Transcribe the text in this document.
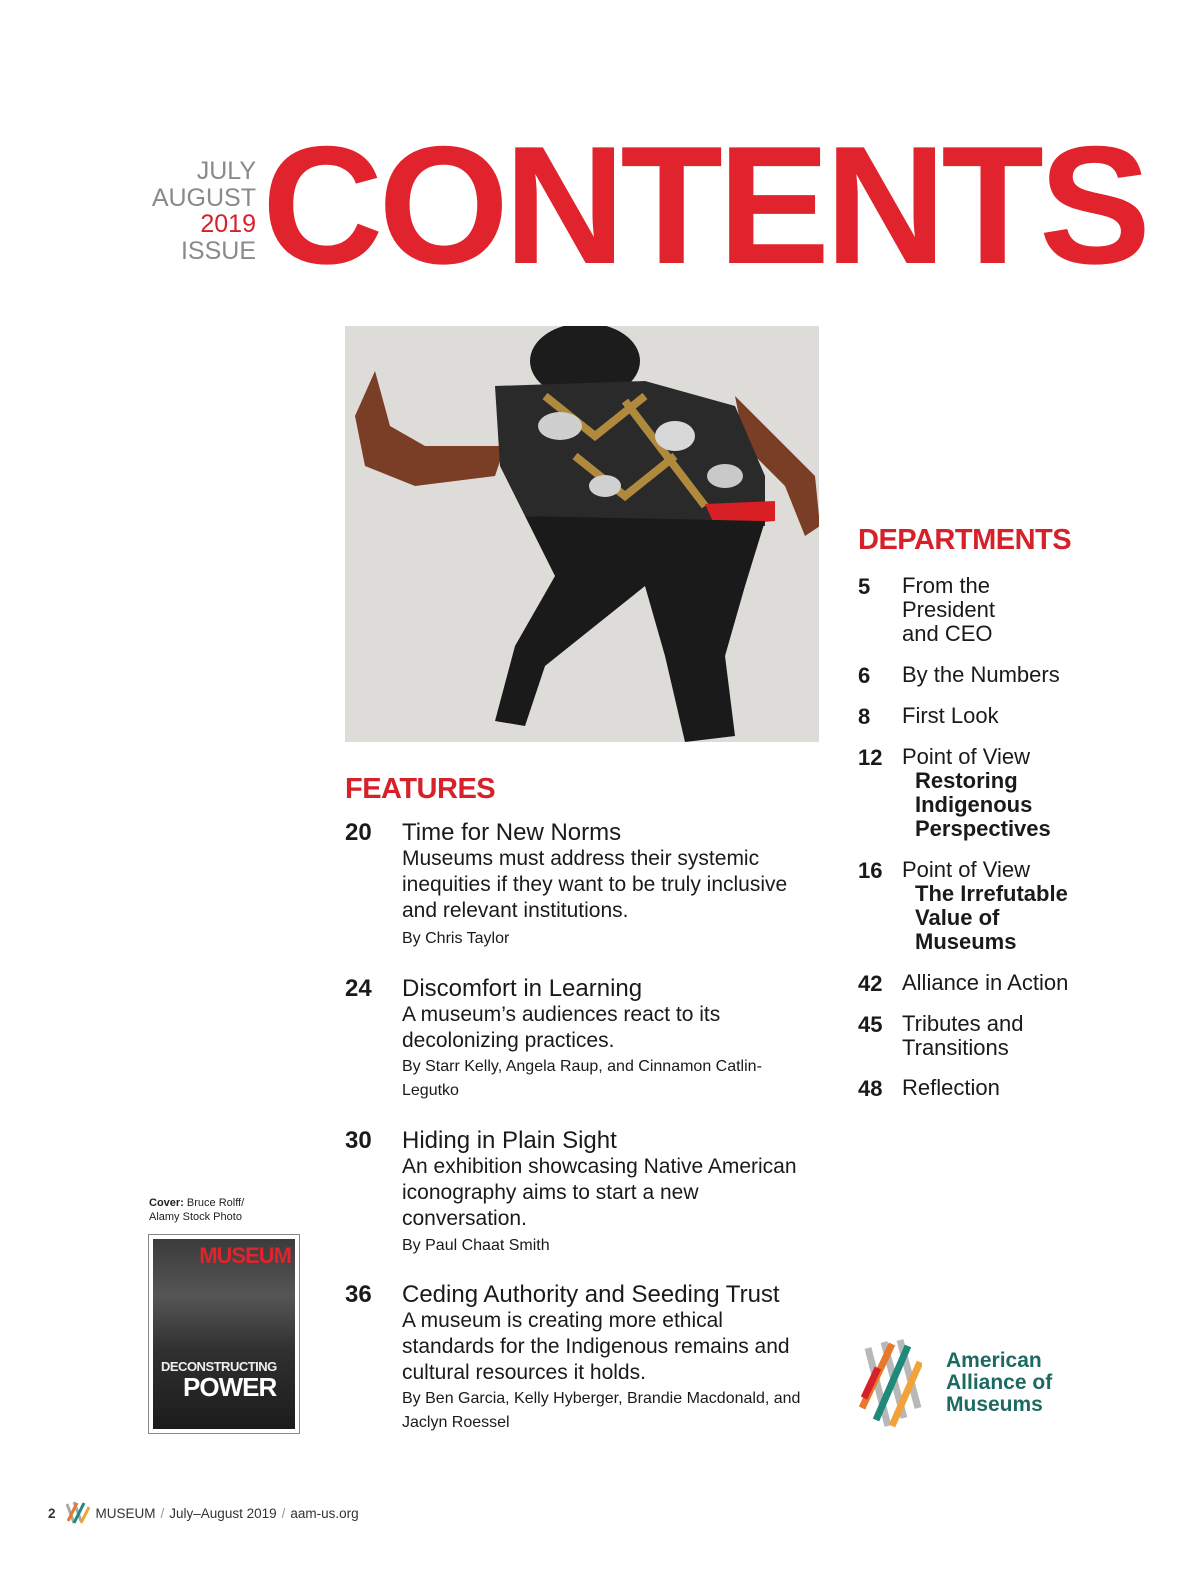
JULY
AUGUST
2019
ISSUE CONTENTS
FEATURES
20 Time for New Norms
Museums must address their systemic inequities if they want to be truly inclusive and relevant institutions.
By Chris Taylor
24 Discomfort in Learning
A museum’s audiences react to its decolonizing practices.
By Starr Kelly, Angela Raup, and Cinnamon Catlin-Legutko
30 Hiding in Plain Sight
An exhibition showcasing Native American iconography aims to start a new conversation.
By Paul Chaat Smith
36 Ceding Authority and Seeding Trust
A museum is creating more ethical standards for the Indigenous remains and cultural resources it holds.
By Ben Garcia, Kelly Hyberger, Brandie Macdonald, and Jaclyn Roessel
DEPARTMENTS
5 From the President and CEO
6 By the Numbers
8 First Look
12 Point of View
Restoring Indigenous Perspectives
16 Point of View
The Irrefutable Value of Museums
42 Alliance in Action
45 Tributes and Transitions
48 Reflection
Cover: Bruce Rolff/
Alamy Stock Photo
MUSEUM
DECONSTRUCTING
POWER
American
Alliance of
Museums
2	MUSEUM / July–August 2019 / aam-us.org
